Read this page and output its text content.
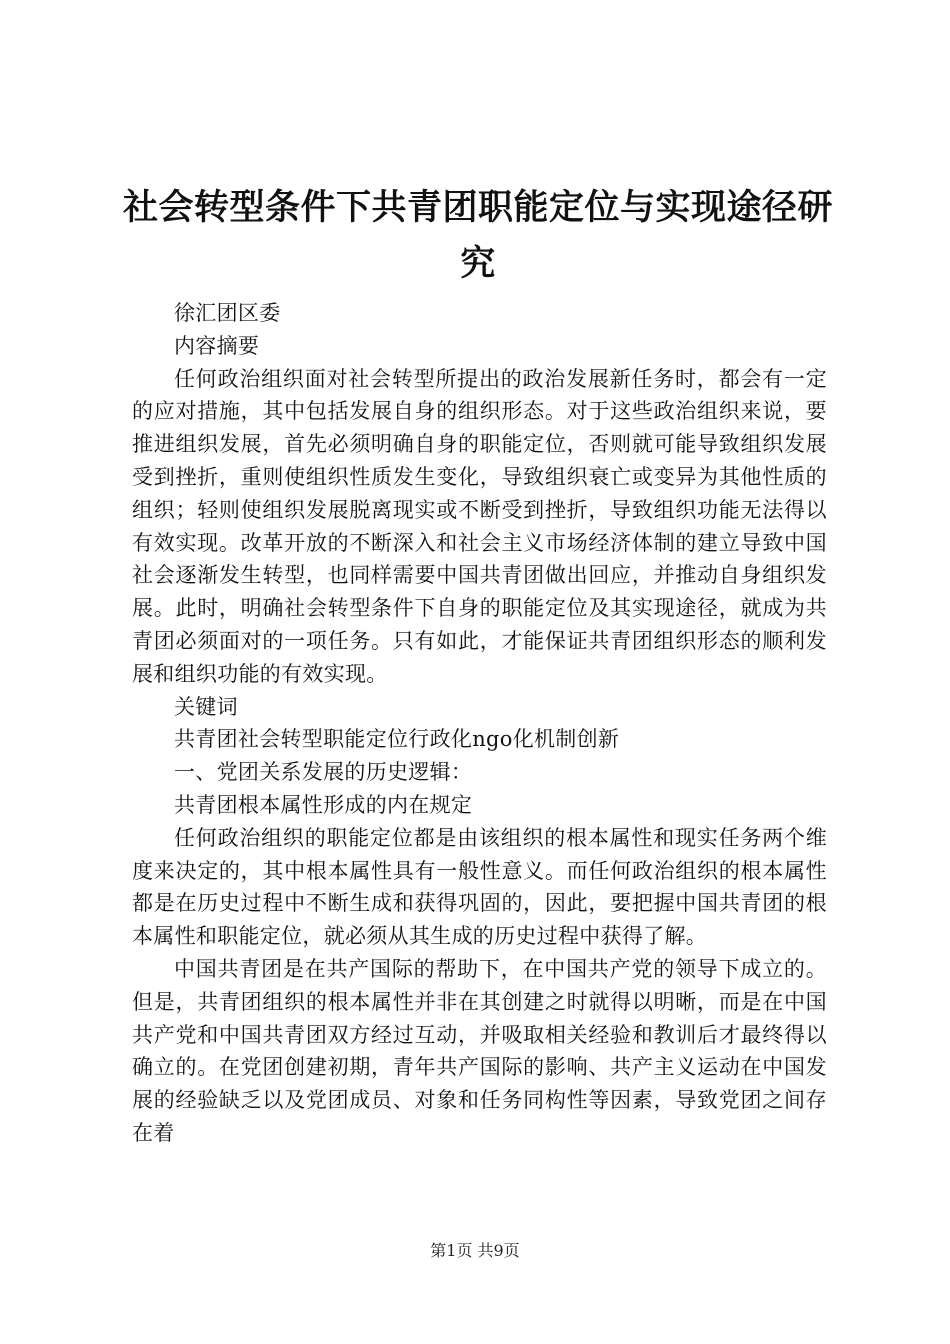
社会转型条件下共青团职能定位与实现途径研究

徐汇团区委

内容摘要

任何政治组织面对社会转型所提出的政治发展新任务时，都会有一定的应对措施，其中包括发展自身的组织形态。对于这些政治组织来说，要推进组织发展，首先必须明确自身的职能定位，否则就可能导致组织发展受到挫折，重则使组织性质发生变化，导致组织衰亡或变异为其他性质的组织；轻则使组织发展脱离现实或不断受到挫折，导致组织功能无法得以有效实现。改革开放的不断深入和社会主义市场经济体制的建立导致中国社会逐渐发生转型，也同样需要中国共青团做出回应，并推动自身组织发展。此时，明确社会转型条件下自身的职能定位及其实现途径，就成为共青团必须面对的一项任务。只有如此，才能保证共青团组织形态的顺利发展和组织功能的有效实现。

关键词

共青团社会转型职能定位行政化ngo化机制创新

一、党团关系发展的历史逻辑：

共青团根本属性形成的内在规定

任何政治组织的职能定位都是由该组织的根本属性和现实任务两个维度来决定的，其中根本属性具有一般性意义。而任何政治组织的根本属性都是在历史过程中不断生成和获得巩固的，因此，要把握中国共青团的根本属性和职能定位，就必须从其生成的历史过程中获得了解。

中国共青团是在共产国际的帮助下，在中国共产党的领导下成立的。但是，共青团组织的根本属性并非在其创建之时就得以明晰，而是在中国共产党和中国共青团双方经过互动，并吸取相关经验和教训后才最终得以确立的。在党团创建初期，青年共产国际的影响、共产主义运动在中国发展的经验缺乏以及党团成员、对象和任务同构性等因素，导致党团之间存在着

第1页 共9页
